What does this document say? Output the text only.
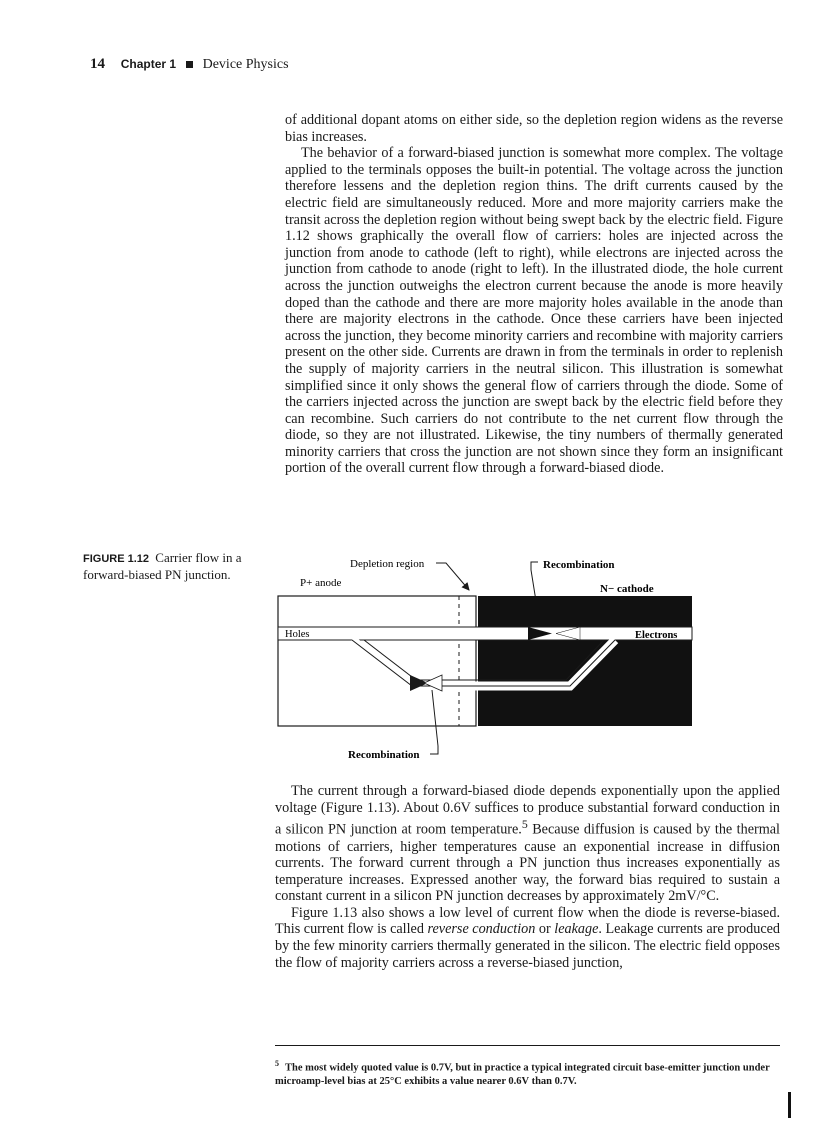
14 Chapter 1 Device Physics

of additional dopant atoms on either side, so the depletion region widens as the reverse bias increases.

The behavior of a forward-biased junction is somewhat more complex. The voltage applied to the terminals opposes the built-in potential. The voltage across the junction therefore lessens and the depletion region thins. The drift currents caused by the electric field are simultaneously reduced. More and more majority carriers make the transit across the depletion region without being swept back by the electric field. Figure 1.12 shows graphically the overall flow of carriers: holes are injected across the junction from anode to cathode (left to right), while electrons are injected across the junction from cathode to anode (right to left). In the illustrated diode, the hole current across the junction outweighs the electron current because the anode is more heavily doped than the cathode and there are more majority holes available in the anode than there are majority electrons in the cathode. Once these carriers have been injected across the junction, they become minority carriers and recombine with majority carriers present on the other side. Currents are drawn in from the terminals in order to replenish the supply of majority carriers in the neutral silicon. This illustration is somewhat simplified since it only shows the general flow of carriers through the diode. Some of the carriers injected across the junction are swept back by the electric field before they can recombine. Such carriers do not contribute to the net current flow through the diode, so they are not illustrated. Likewise, the tiny numbers of thermally generated minority carriers that cross the junction are not shown since they form an insignificant portion of the overall current flow through a forward-biased diode.

FIGURE 1.12 Carrier flow in a forward-biased PN junction.
Depletion region	Recombination
P+ anode	N− cathode
Holes	Electrons
Recombination

The current through a forward-biased diode depends exponentially upon the applied voltage (Figure 1.13). About 0.6V suffices to produce substantial forward conduction in a silicon PN junction at room temperature.$^5$ Because diffusion is caused by the thermal motions of carriers, higher temperatures cause an exponential increase in diffusion currents. The forward current through a PN junction thus increases exponentially as temperature increases. Expressed another way, the forward bias required to sustain a constant current in a silicon PN junction decreases by approximately 2mV/°C.

Figure 1.13 also shows a low level of current flow when the diode is reverse-biased. This current flow is called reverse conduction or leakage. Leakage currents are produced by the few minority carriers thermally generated in the silicon. The electric field opposes the flow of majority carriers across a reverse-biased junction,

$^5$ The most widely quoted value is 0.7V, but in practice a typical integrated circuit base-emitter junction under microamp-level bias at 25°C exhibits a value nearer 0.6V than 0.7V.
